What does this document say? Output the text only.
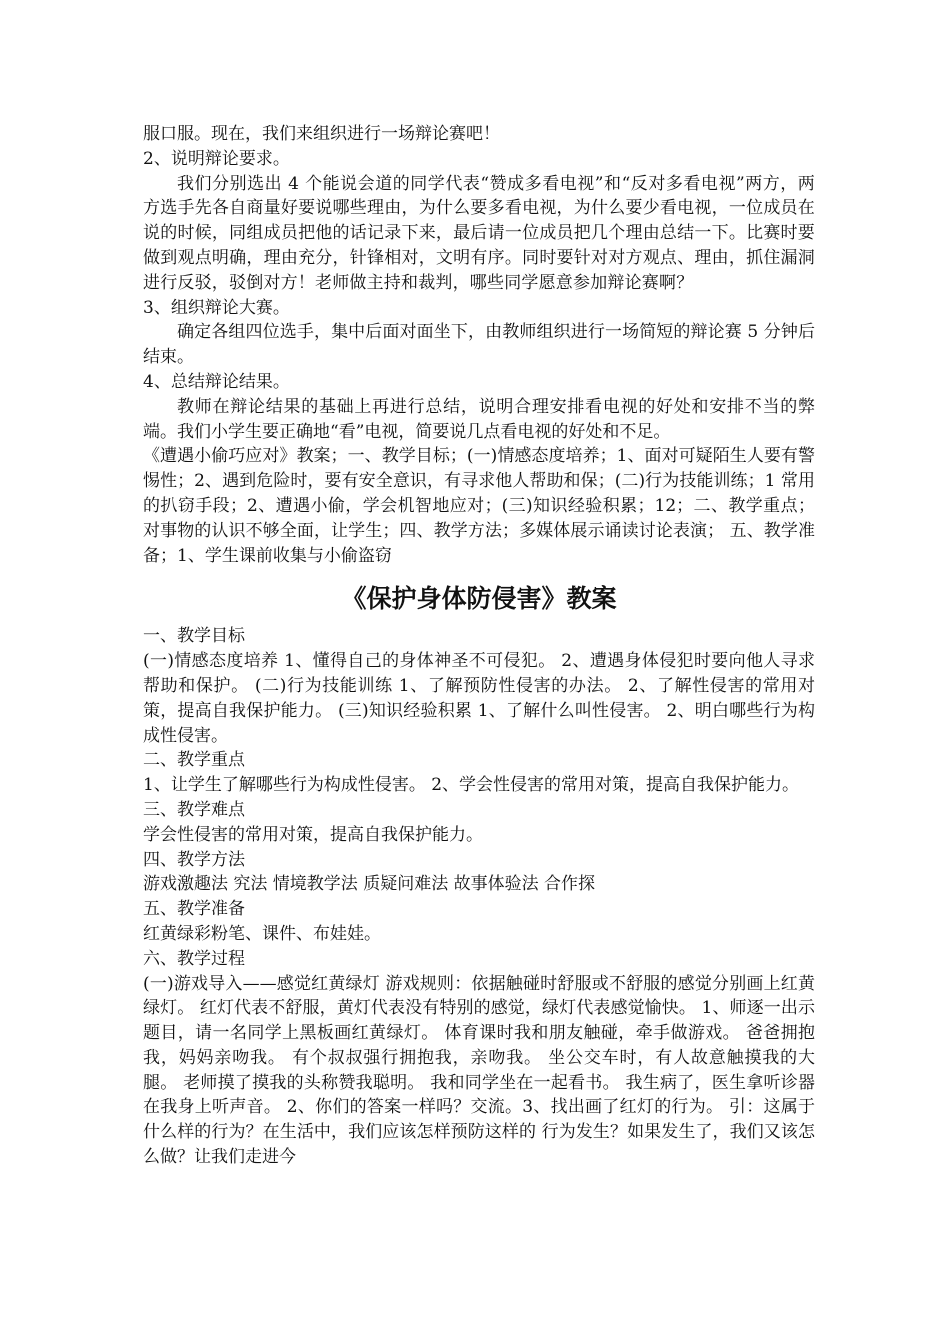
服口服。现在，我们来组织进行一场辩论赛吧！

2、说明辩论要求。

我们分别选出 4 个能说会道的同学代表“赞成多看电视”和“反对多看电视”两方，两方选手先各自商量好要说哪些理由，为什么要多看电视，为什么要少看电视，一位成员在说的时候，同组成员把他的话记录下来，最后请一位成员把几个理由总结一下。比赛时要做到观点明确，理由充分，针锋相对，文明有序。同时要针对对方观点、理由，抓住漏洞进行反驳，驳倒对方！老师做主持和裁判，哪些同学愿意参加辩论赛啊？

3、组织辩论大赛。

确定各组四位选手，集中后面对面坐下，由教师组织进行一场简短的辩论赛 5 分钟后结束。

4、总结辩论结果。

教师在辩论结果的基础上再进行总结，说明合理安排看电视的好处和安排不当的弊端。我们小学生要正确地“看”电视，简要说几点看电视的好处和不足。

《遭遇小偷巧应对》教案；一、教学目标；(一)情感态度培养；1、面对可疑陌生人要有警惕性；2、遇到危险时，要有安全意识，有寻求他人帮助和保；(二)行为技能训练；1 常用的扒窃手段；2、遭遇小偷，学会机智地应对；(三)知识经验积累；12；二、教学重点；对事物的认识不够全面，让学生；四、教学方法；多媒体展示诵读讨论表演； 五、教学准备；1、学生课前收集与小偷盗窃

《保护身体防侵害》教案

一、教学目标

(一)情感态度培养 1、懂得自己的身体神圣不可侵犯。 2、遭遇身体侵犯时要向他人寻求帮助和保护。 (二)行为技能训练 1、了解预防性侵害的办法。 2、了解性侵害的常用对策，提高自我保护能力。 (三)知识经验积累 1、了解什么叫性侵害。 2、明白哪些行为构成性侵害。

二、教学重点

1、让学生了解哪些行为构成性侵害。 2、学会性侵害的常用对策，提高自我保护能力。

三、教学难点

学会性侵害的常用对策，提高自我保护能力。

四、教学方法

游戏激趣法 究法 情境教学法 质疑问难法 故事体验法 合作探

五、教学准备

红黄绿彩粉笔、课件、布娃娃。

六、教学过程

(一)游戏导入——感觉红黄绿灯 游戏规则：依据触碰时舒服或不舒服的感觉分别画上红黄绿灯。 红灯代表不舒服，黄灯代表没有特别的感觉，绿灯代表感觉愉快。 1、师逐一出示题目，请一名同学上黑板画红黄绿灯。 体育课时我和朋友触碰，牵手做游戏。 爸爸拥抱我，妈妈亲吻我。 有个叔叔强行拥抱我，亲吻我。 坐公交车时，有人故意触摸我的大腿。 老师摸了摸我的头称赞我聪明。 我和同学坐在一起看书。 我生病了，医生拿听诊器在我身上听声音。 2、你们的答案一样吗？交流。3、找出画了红灯的行为。 引：这属于什么样的行为？在生活中，我们应该怎样预防这样的 行为发生？如果发生了，我们又该怎么做？让我们走进今
